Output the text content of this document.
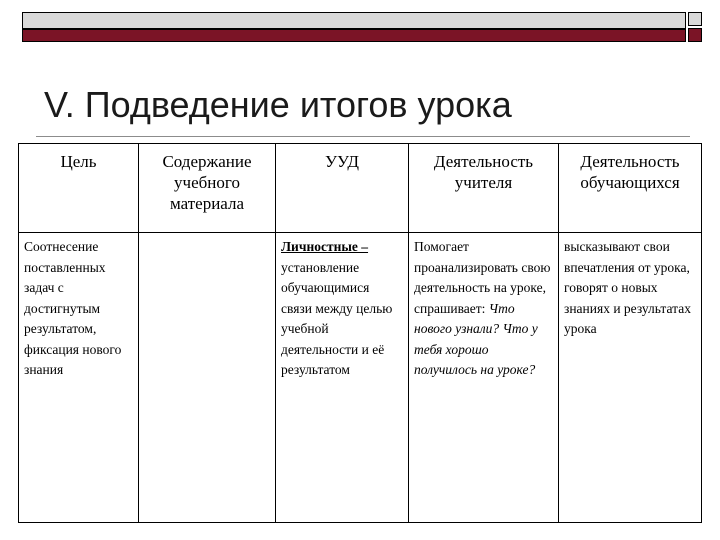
V. Подведение итогов урока
Цель	Содержание учебного материала	УУД	Деятельность учителя	Деятельность обучающихся

Соотнесение поставленных задач с достигнутым результатом, фиксация нового знания		Личностные – установление обучающимися связи между целью учебной деятельности и её результатом	Помогает проанализировать свою деятельность на уроке, спрашивает: Что нового узнали? Что у тебя хорошо получилось на уроке?	высказывают свои впечатления от урока, говорят о новых знаниях и результатах урока
